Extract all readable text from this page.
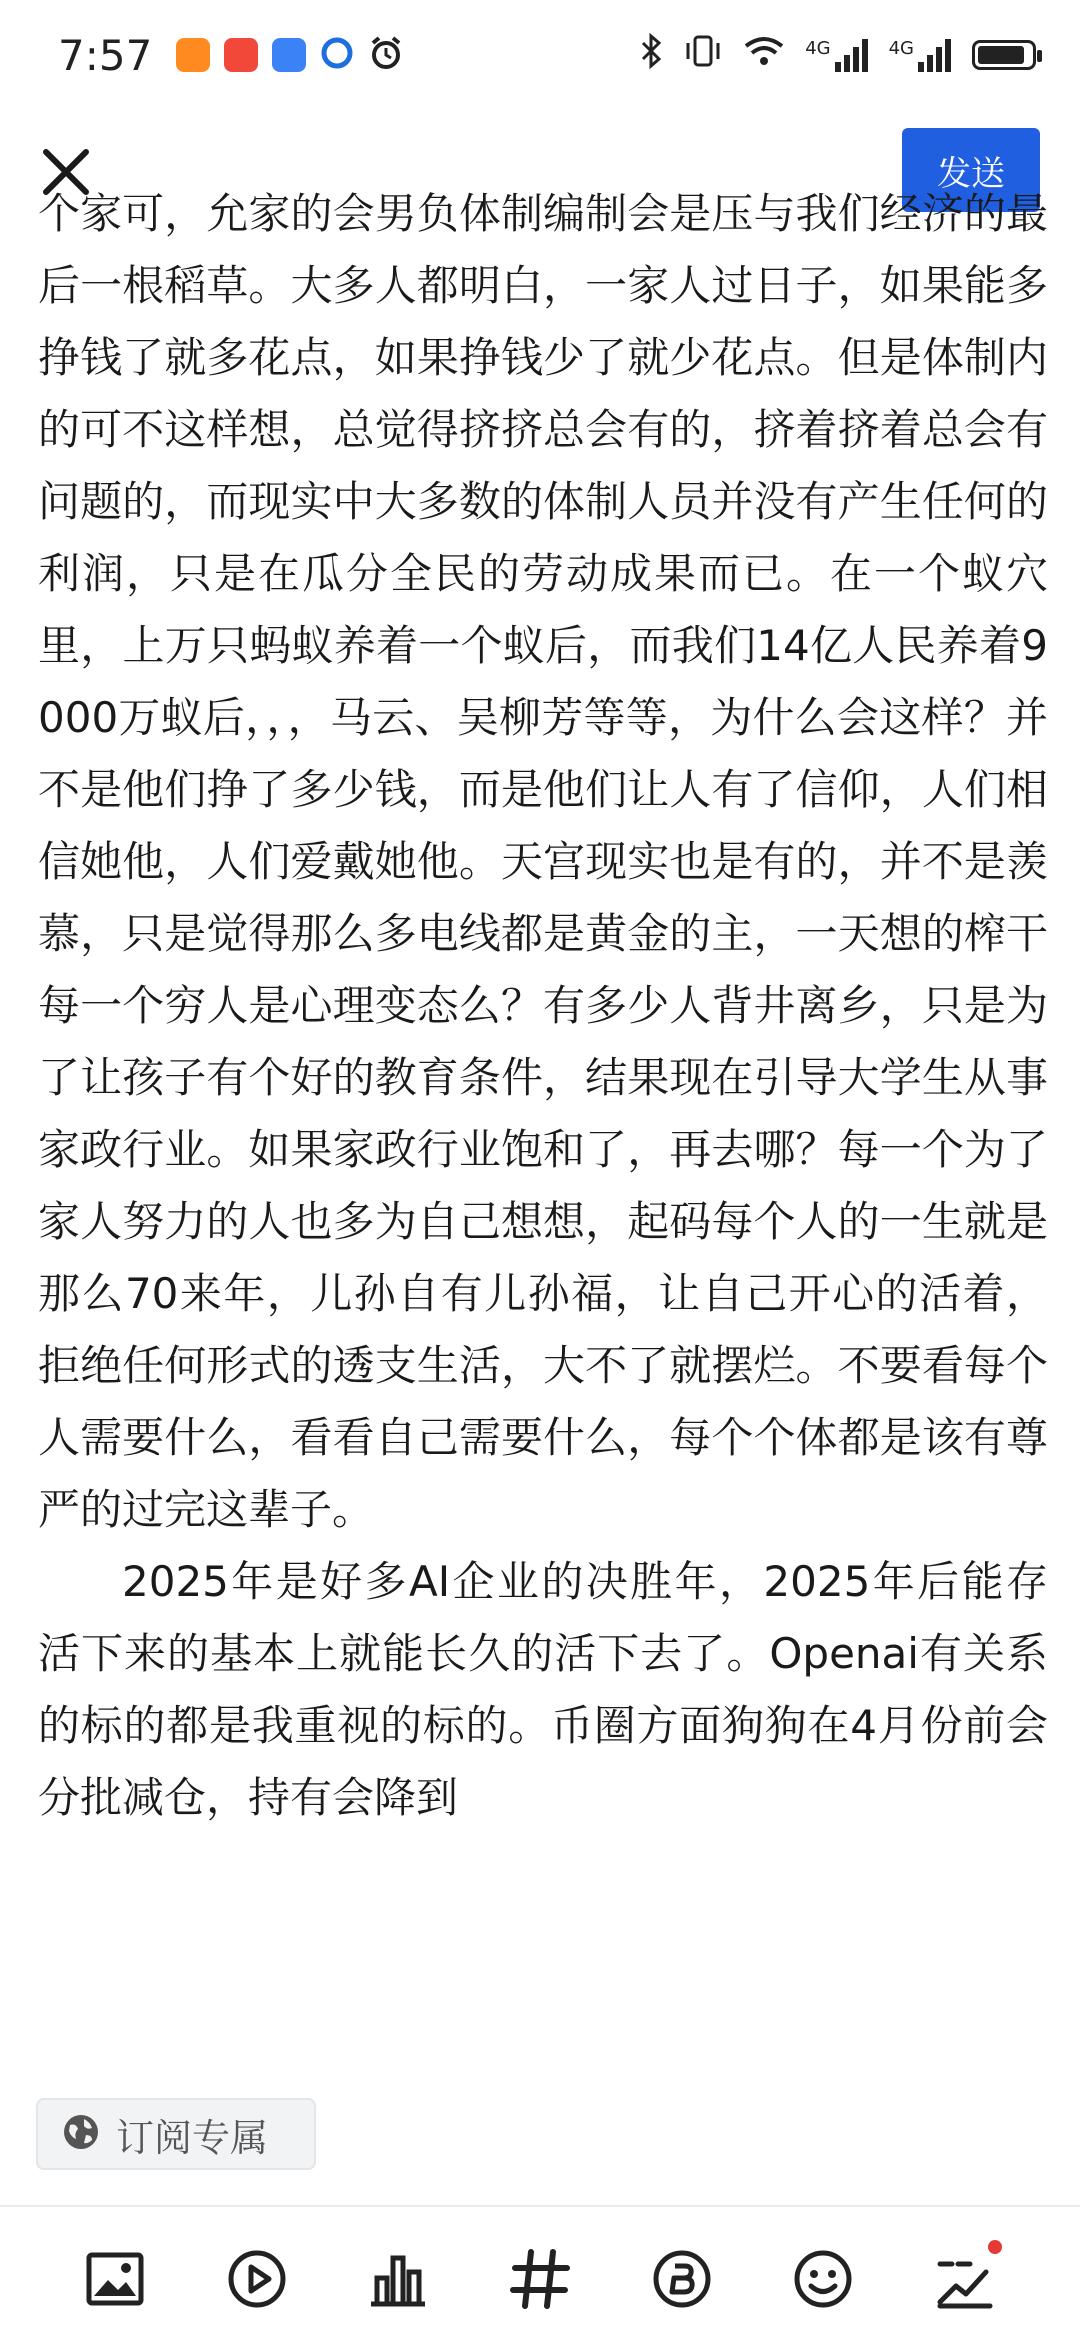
7:57	4G	4G
发送

个家可，允家的会男负体制编制会是压与我们经济的最后一根稻草。大多人都明白，一家人过日子，如果能多挣钱了就多花点，如果挣钱少了就少花点。但是体制内的可不这样想，总觉得挤挤总会有的，挤着挤着总会有问题的，而现实中大多数的体制人员并没有产生任何的利润，只是在瓜分全民的劳动成果而已。在一个蚁穴里，上万只蚂蚁养着一个蚁后，而我们14亿人民养着9000万蚁后，，，马云、吴柳芳等等，为什么会这样？并不是他们挣了多少钱，而是他们让人有了信仰，人们相信她他，人们爱戴她他。天宫现实也是有的，并不是羡慕，只是觉得那么多电线都是黄金的主，一天想的榨干每一个穷人是心理变态么？有多少人背井离乡，只是为了让孩子有个好的教育条件，结果现在引导大学生从事家政行业。如果家政行业饱和了，再去哪？每一个为了家人努力的人也多为自己想想，起码每个人的一生就是那么70来年，儿孙自有儿孙福，让自己开心的活着，拒绝任何形式的透支生活，大不了就摆烂。不要看每个人需要什么，看看自己需要什么，每个个体都是该有尊严的过完这辈子。

2025年是好多AI企业的决胜年，2025年后能存活下来的基本上就能长久的活下去了。Openai有关系的标的都是我重视的标的。币圈方面狗狗在4月份前会分批减仓，持有会降到

订阅专属
